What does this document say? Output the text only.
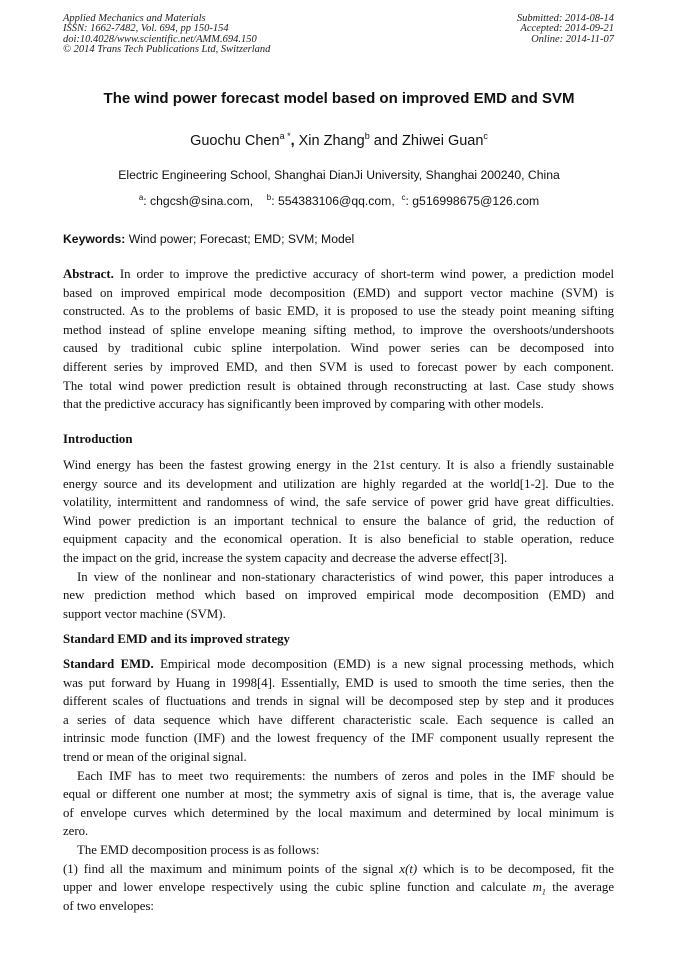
Applied Mechanics and Materials
ISSN: 1662-7482, Vol. 694, pp 150-154
doi:10.4028/www.scientific.net/AMM.694.150
© 2014 Trans Tech Publications Ltd, Switzerland
Submitted: 2014-08-14
Accepted: 2014-09-21
Online: 2014-11-07
The wind power forecast model based on improved EMD and SVM
Guochu Chen$^{a *}$, Xin Zhang$^b$ and Zhiwei Guan$^c$
Electric Engineering School, Shanghai DianJi University, Shanghai 200240, China
$^a$: chgcsh@sina.com, $^b$: 554383106@qq.com, $^c$: g516998675@126.com
Keywords: Wind power; Forecast; EMD; SVM; Model
Abstract. In order to improve the predictive accuracy of short-term wind power, a prediction model
based on improved empirical mode decomposition (EMD) and support vector machine (SVM) is
constructed. As to the problems of basic EMD, it is proposed to use the steady point meaning sifting
method instead of spline envelope meaning sifting method, to improve the overshoots/undershoots
caused by traditional cubic spline interpolation. Wind power series can be decomposed into
different series by improved EMD, and then SVM is used to forecast power by each component.
The total wind power prediction result is obtained through reconstructing at last. Case study shows
that the predictive accuracy has significantly been improved by comparing with other models.
Introduction
Wind energy has been the fastest growing energy in the 21st century. It is also a friendly sustainable
energy source and its development and utilization are highly regarded at the world[1-2]. Due to the
volatility, intermittent and randomness of wind, the safe service of power grid have great difficulties.
Wind power prediction is an important technical to ensure the balance of grid, the reduction of
equipment capacity and the economical operation. It is also beneficial to stable operation, reduce
the impact on the grid, increase the system capacity and decrease the adverse effect[3].
In view of the nonlinear and non-stationary characteristics of wind power, this paper introduces a
new prediction method which based on improved empirical mode decomposition (EMD) and
support vector machine (SVM).
Standard EMD and its improved strategy
Standard EMD. Empirical mode decomposition (EMD) is a new signal processing methods, which
was put forward by Huang in 1998[4]. Essentially, EMD is used to smooth the time series, then the
different scales of fluctuations and trends in signal will be decomposed step by step and it produces
a series of data sequence which have different characteristic scale. Each sequence is called an
intrinsic mode function (IMF) and the lowest frequency of the IMF component usually represent the
trend or mean of the original signal.
Each IMF has to meet two requirements: the numbers of zeros and poles in the IMF should be
equal or different one number at most; the symmetry axis of signal is time, that is, the average value
of envelope curves which determined by the local maximum and determined by local minimum is
zero.
The EMD decomposition process is as follows:
(1) find all the maximum and minimum points of the signal x(t) which is to be decomposed, fit the
upper and lower envelope respectively using the cubic spline function and calculate $m_1$ the average
of two envelopes:
